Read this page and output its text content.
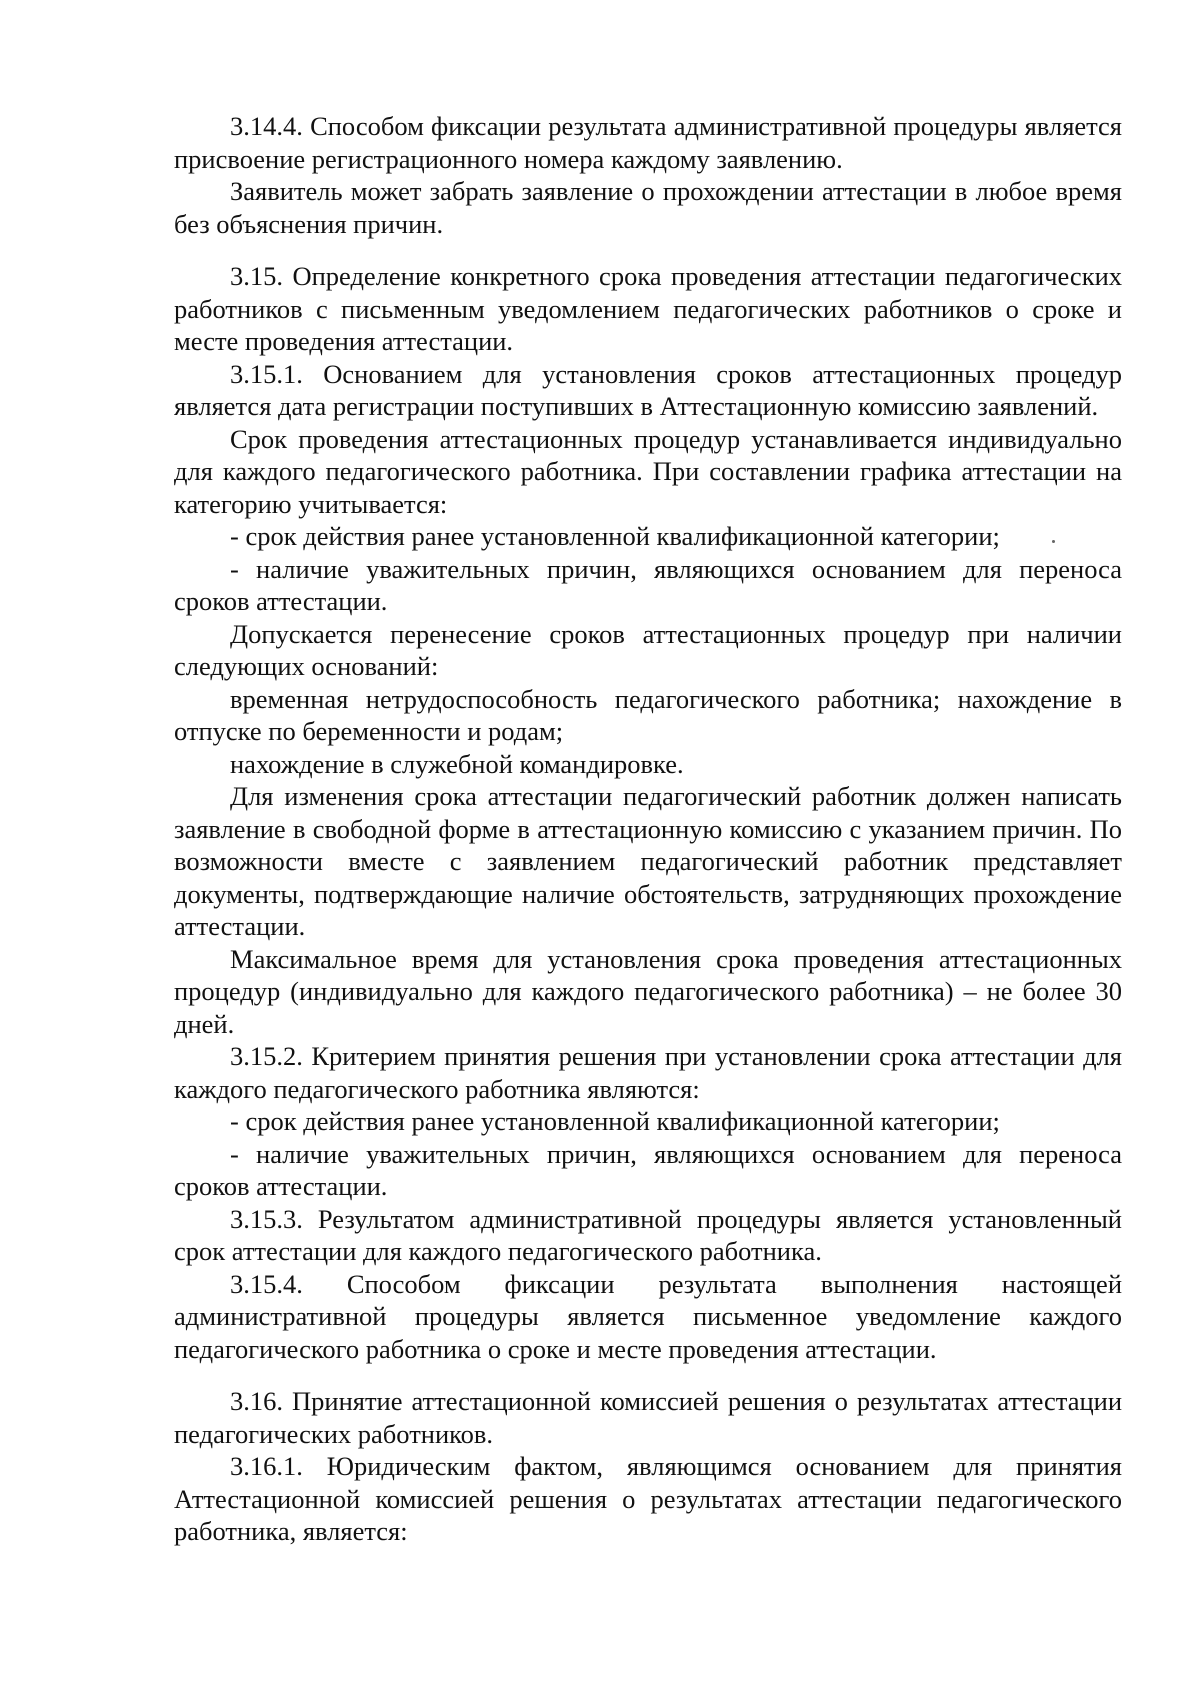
3.14.4. Способом фиксации результата административной процедуры является присвоение регистрационного номера каждому заявлению.

Заявитель может забрать заявление о прохождении аттестации в любое время без объяснения причин.

3.15. Определение конкретного срока проведения аттестации педагогических работников с письменным уведомлением педагогических работников о сроке и месте проведения аттестации.

3.15.1. Основанием для установления сроков аттестационных процедур является дата регистрации поступивших в Аттестационную комиссию заявлений.

Срок проведения аттестационных процедур устанавливается индивидуально для каждого педагогического работника. При составлении графика аттестации на категорию учитывается:

- срок действия ранее установленной квалификационной категории;

- наличие уважительных причин, являющихся основанием для переноса сроков аттестации.

Допускается перенесение сроков аттестационных процедур при наличии следующих оснований:

временная нетрудоспособность педагогического работника; нахождение в отпуске по беременности и родам;

нахождение в служебной командировке.

Для изменения срока аттестации педагогический работник должен написать заявление в свободной форме в аттестационную комиссию с указанием причин. По возможности вместе с заявлением педагогический работник представляет документы, подтверждающие наличие обстоятельств, затрудняющих прохождение аттестации.

Максимальное время для установления срока проведения аттестационных процедур (индивидуально для каждого педагогического работника) – не более 30 дней.

3.15.2. Критерием принятия решения при установлении срока аттестации для каждого педагогического работника являются:

- срок действия ранее установленной квалификационной категории;

- наличие уважительных причин, являющихся основанием для переноса сроков аттестации.

3.15.3. Результатом административной процедуры является установленный срок аттестации для каждого педагогического работника.

3.15.4. Способом фиксации результата выполнения настоящей административной процедуры является письменное уведомление каждого педагогического работника о сроке и месте проведения аттестации.

3.16. Принятие аттестационной комиссией решения о результатах аттестации педагогических работников.

3.16.1. Юридическим фактом, являющимся основанием для принятия Аттестационной комиссией решения о результатах аттестации педагогического работника, является:
